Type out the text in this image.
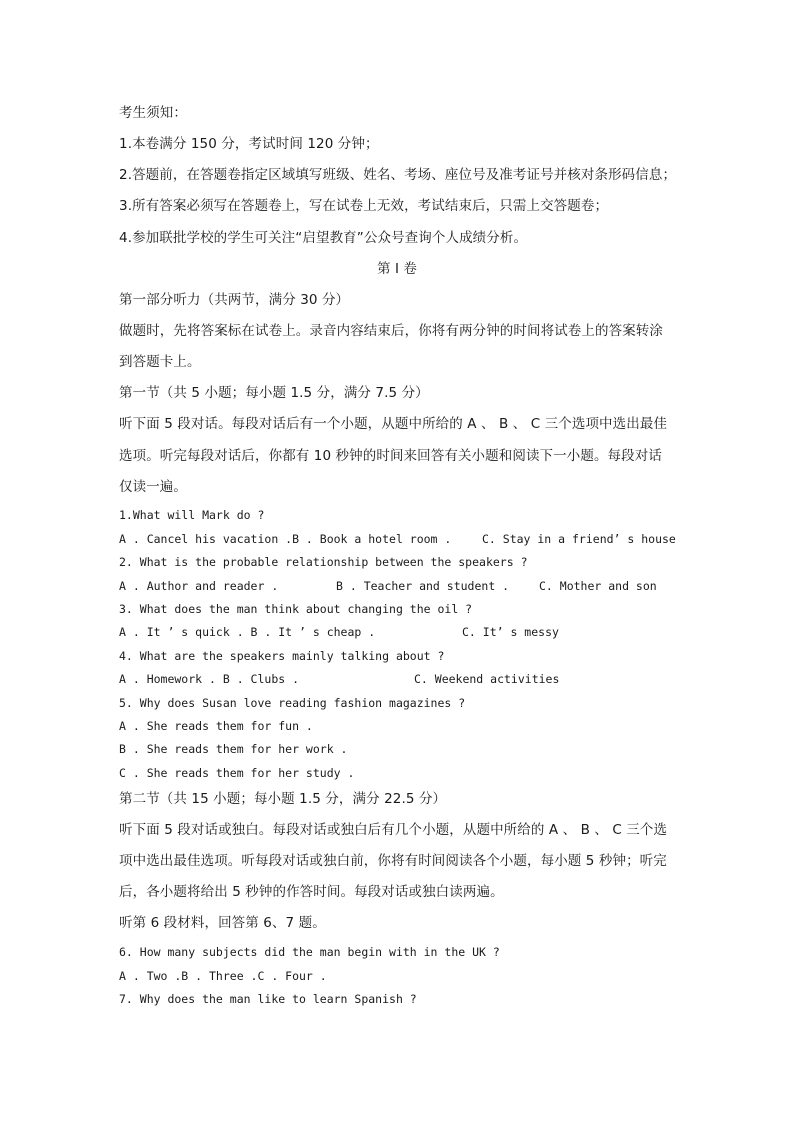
考生须知：
1.本卷满分 150 分，考试时间 120 分钟；
2.答题前，在答题卷指定区域填写班级、姓名、考场、座位号及准考证号并核对条形码信息；
3.所有答案必须写在答题卷上，写在试卷上无效，考试结束后，只需上交答题卷；
4.参加联批学校的学生可关注“启望教育”公众号查询个人成绩分析。
第 I 卷
第一部分听力（共两节，满分 30 分）
做题时，先将答案标在试卷上。录音内容结束后，你将有两分钟的时间将试卷上的答案转涂
到答题卡上。
第一节（共 5 小题；每小题 1.5 分，满分 7.5 分）
听下面 5 段对话。每段对话后有一个小题，从题中所给的 A 、 B 、 C 三个选项中选出最佳
选项。听完每段对话后，你都有 10 秒钟的时间来回答有关小题和阅读下一小题。每段对话
仅读一遍。
1.What will Mark do ?
A . Cancel his vacation .B . Book a hotel room .	C. Stay in a friend’ s house
2. What is the probable relationship between the speakers ?
A . Author and reader .	B . Teacher and student .	C. Mother and son
3. What does the man think about changing the oil ?
A . It ’ s quick . B . It ’ s cheap .	C. It’ s messy
4. What are the speakers mainly talking about ?
A . Homework . B . Clubs .	C. Weekend activities
5. Why does Susan love reading fashion magazines ?
A . She reads them for fun .
B . She reads them for her work .
C . She reads them for her study .
第二节（共 15 小题；每小题 1.5 分，满分 22.5 分）
听下面 5 段对话或独白。每段对话或独白后有几个小题，从题中所给的 A 、 B 、 C 三个选
项中选出最佳选项。听每段对话或独白前，你将有时间阅读各个小题，每小题 5 秒钟；听完
后，各小题将给出 5 秒钟的作答时间。每段对话或独白读两遍。
听第 6 段材料，回答第 6、7 题。
6. How many subjects did the man begin with in the UK ?
A . Two .B . Three .C . Four .
7. Why does the man like to learn Spanish ?
